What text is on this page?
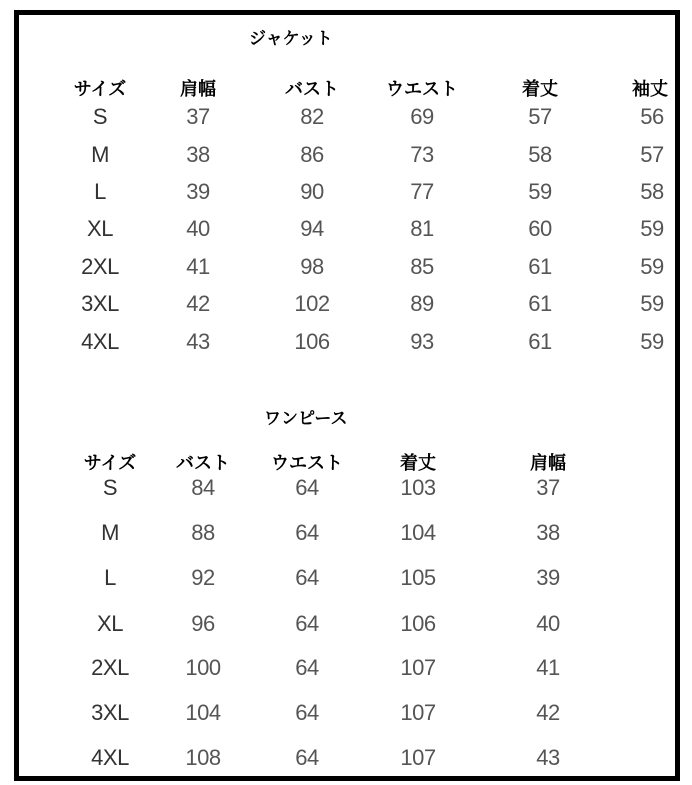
ジャケット
サイズ	肩幅	バスト	ウエスト	着丈	袖丈
S	37	82	69	57	56
M	38	86	73	58	57
L	39	90	77	59	58
XL	40	94	81	60	59
2XL	41	98	85	61	59
3XL	42	102	89	61	59
4XL	43	106	93	61	59
ワンピース
サイズ バスト ウエスト	着丈	肩幅
S	84	64	103	37
M	88	64	104	38
L	92	64	105	39
XL	96	64	106	40
2XL	100	64	107	41
3XL	104	64	107	42
4XL	108	64	107	43
